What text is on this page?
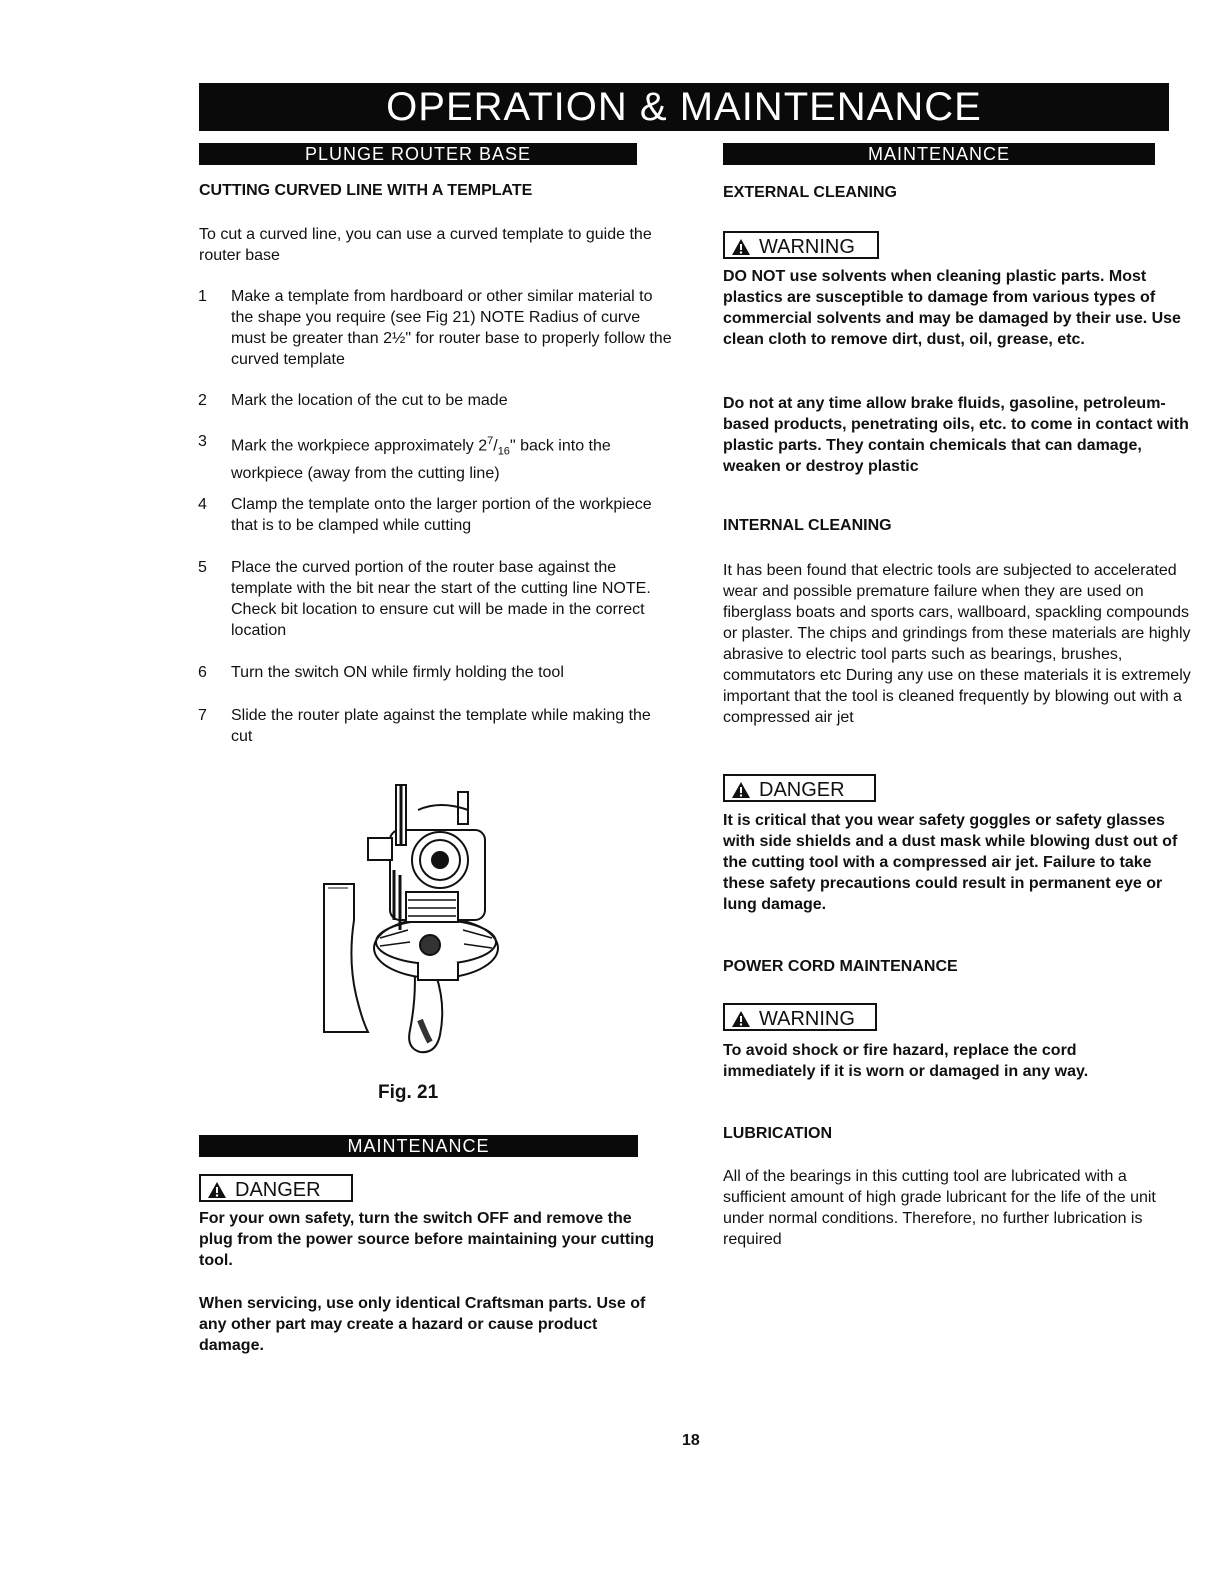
OPERATION & MAINTENANCE
PLUNGE ROUTER BASE
CUTTING CURVED LINE WITH A TEMPLATE
To cut a curved line, you can use a curved template to guide the router base
1 Make a template from hardboard or other similar material to the shape you require (see Fig 21) NOTE Radius of curve must be greater than 2½" for router base to properly follow the curved template
2 Mark the location of the cut to be made
3 Mark the workpiece approximately $2^7/_{16}$" back into the workpiece (away from the cutting line)
4 Clamp the template onto the larger portion of the workpiece that is to be clamped while cutting
5 Place the curved portion of the router base against the template with the bit near the start of the cutting line NOTE. Check bit location to ensure cut will be made in the correct location
6 Turn the switch ON while firmly holding the tool
7 Slide the router plate against the template while making the cut
Fig. 21
MAINTENANCE
DANGER
For your own safety, turn the switch OFF and remove the plug from the power source before maintaining your cutting tool.
When servicing, use only identical Craftsman parts. Use of any other part may create a hazard or cause product damage.
MAINTENANCE
EXTERNAL CLEANING
WARNING
DO NOT use solvents when cleaning plastic parts. Most plastics are susceptible to damage from various types of commercial solvents and may be damaged by their use. Use clean cloth to remove dirt, dust, oil, grease, etc.
Do not at any time allow brake fluids, gasoline, petroleum-based products, penetrating oils, etc. to come in contact with plastic parts. They contain chemicals that can damage, weaken or destroy plastic
INTERNAL CLEANING
It has been found that electric tools are subjected to accelerated wear and possible premature failure when they are used on fiberglass boats and sports cars, wallboard, spackling compounds or plaster. The chips and grindings from these materials are highly abrasive to electric tool parts such as bearings, brushes, commutators etc During any use on these materials it is extremely important that the tool is cleaned frequently by blowing out with a compressed air jet
DANGER
It is critical that you wear safety goggles or safety glasses with side shields and a dust mask while blowing dust out of the cutting tool with a compressed air jet. Failure to take these safety precautions could result in permanent eye or lung damage.
POWER CORD MAINTENANCE
WARNING
To avoid shock or fire hazard, replace the cord immediately if it is worn or damaged in any way.
LUBRICATION
All of the bearings in this cutting tool are lubricated with a sufficient amount of high grade lubricant for the life of the unit under normal conditions. Therefore, no further lubrication is required
18
